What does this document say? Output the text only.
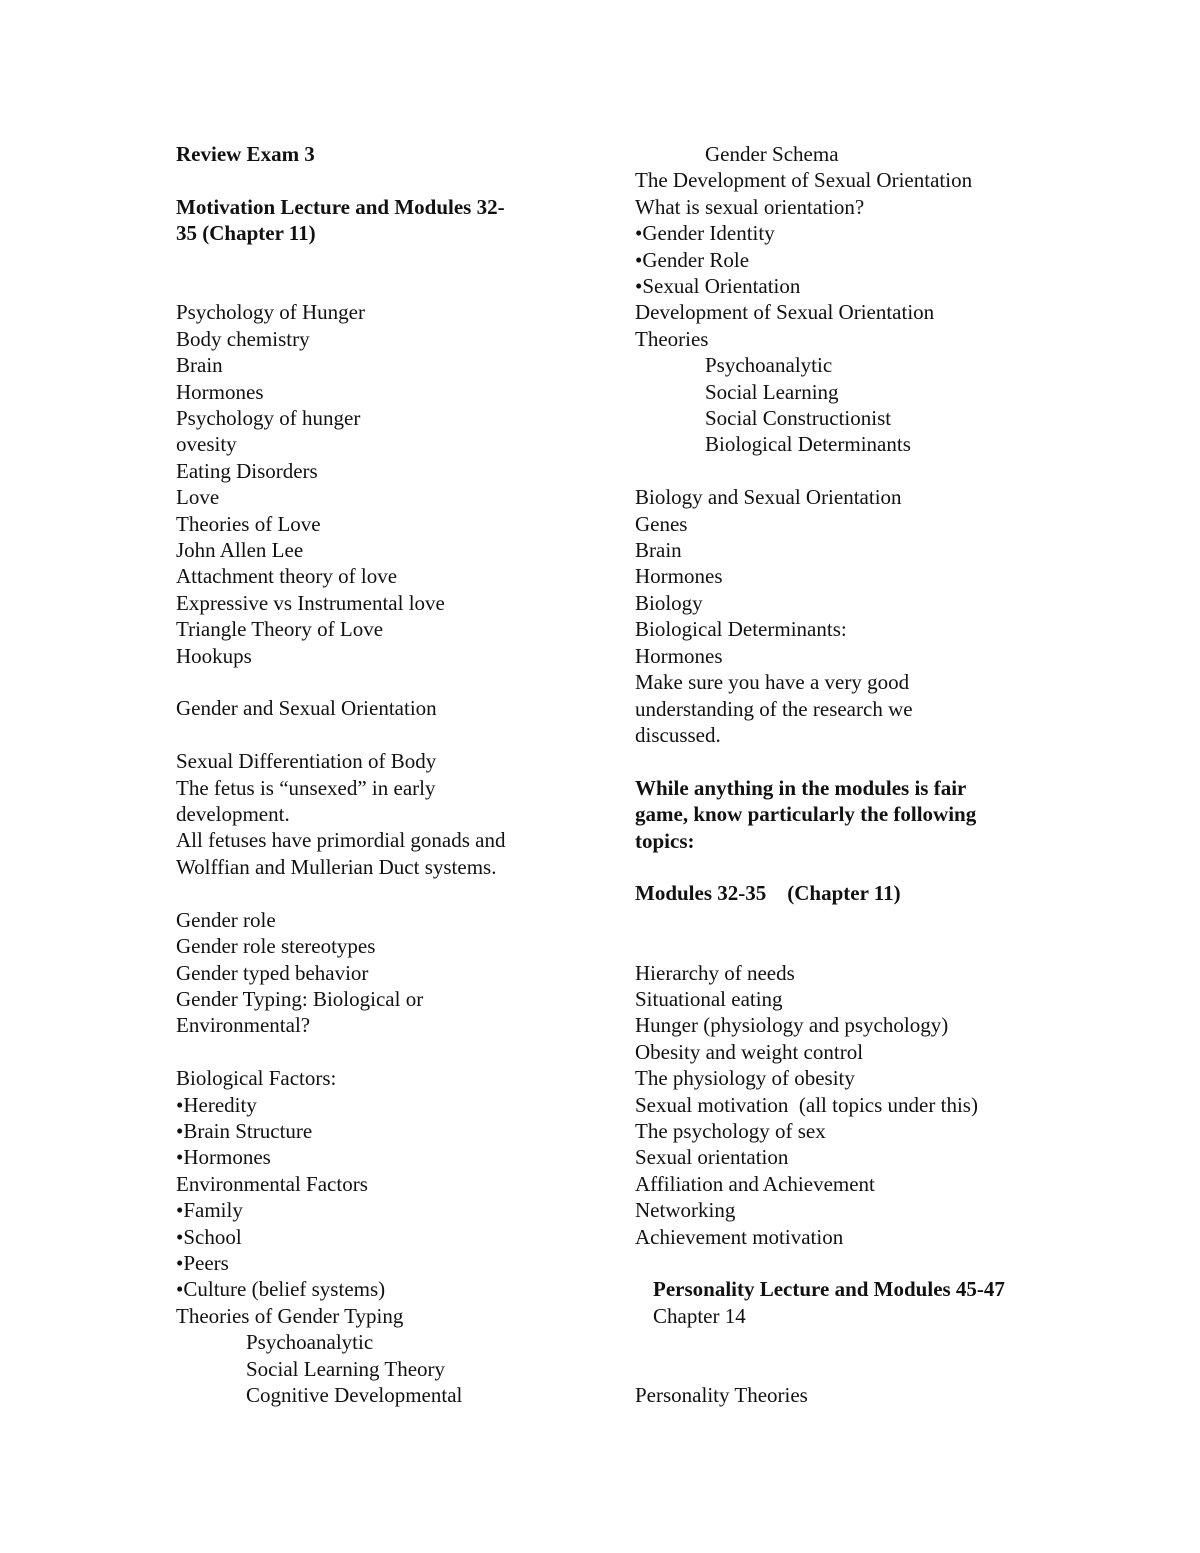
Review Exam 3
Motivation Lecture and Modules 32-
35 (Chapter 11)
Psychology of Hunger
Body chemistry
Brain
Hormones
Psychology of hunger
ovesity
Eating Disorders
Love
Theories of Love
John Allen Lee
Attachment theory of love
Expressive vs Instrumental love
Triangle Theory of Love
Hookups
Gender and Sexual Orientation
Sexual Differentiation of Body
The fetus is “unsexed” in early
development.
All fetuses have primordial gonads and
Wolffian and Mullerian Duct systems.
Gender role
Gender role stereotypes
Gender typed behavior
Gender Typing: Biological or
Environmental?
Biological Factors:
•Heredity
•Brain Structure
•Hormones
Environmental Factors
•Family
•School
•Peers
•Culture (belief systems)
Theories of Gender Typing
Psychoanalytic
Social Learning Theory
Cognitive Developmental
Gender Schema
The Development of Sexual Orientation
What is sexual orientation?
•Gender Identity
•Gender Role
•Sexual Orientation
Development of Sexual Orientation
Theories
Psychoanalytic
Social Learning
Social Constructionist
Biological Determinants
Biology and Sexual Orientation
Genes
Brain
Hormones
Biology
Biological Determinants:
Hormones
Make sure you have a very good
understanding of the research we
discussed.
While anything in the modules is fair
game, know particularly the following
topics:
Modules 32-35    (Chapter 11)
Hierarchy of needs
Situational eating
Hunger (physiology and psychology)
Obesity and weight control
The physiology of obesity
Sexual motivation  (all topics under this)
The psychology of sex
Sexual orientation
Affiliation and Achievement
Networking
Achievement motivation
Personality Lecture and Modules 45-47
Chapter 14
Personality Theories
